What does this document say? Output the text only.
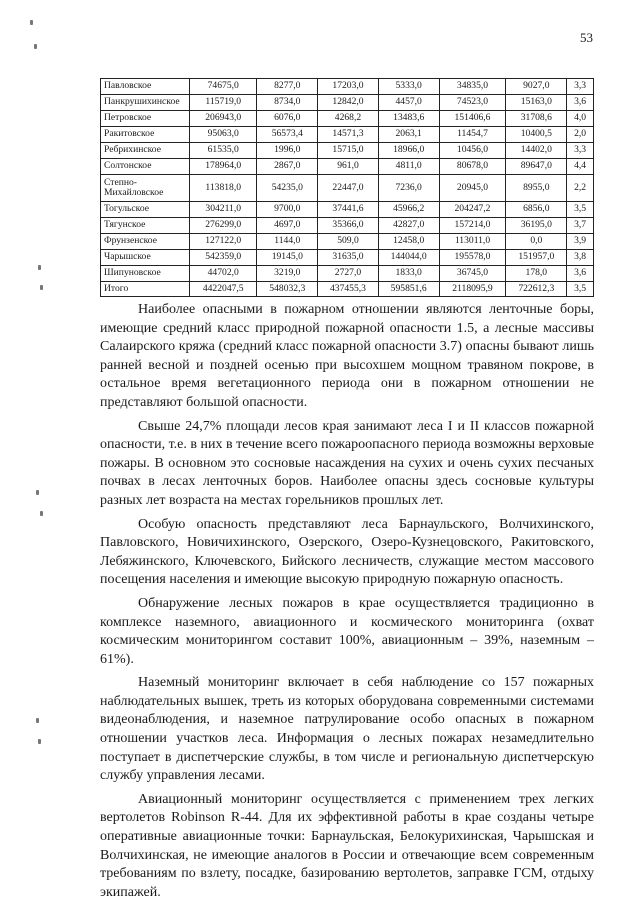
53
Павловское	74675,0	8277,0	17203,0	5333,0	34835,0	9027,0	3,3
Панкрушихинское	115719,0	8734,0	12842,0	4457,0	74523,0	15163,0	3,6
Петровское	206943,0	6076,0	4268,2	13483,6	151406,6	31708,6	4,0
Ракитовское	95063,0	56573,4	14571,3	2063,1	11454,7	10400,5	2,0
Ребрихинское	61535,0	1996,0	15715,0	18966,0	10456,0	14402,0	3,3
Солтонское	178964,0	2867,0	961,0	4811,0	80678,0	89647,0	4,4
Степно-Михайловское	113818,0	54235,0	22447,0	7236,0	20945,0	8955,0	2,2
Тогульское	304211,0	9700,0	37441,6	45966,2	204247,2	6856,0	3,5
Тягунское	276299,0	4697,0	35366,0	42827,0	157214,0	36195,0	3,7
Фрунзенское	127122,0	1144,0	509,0	12458,0	113011,0	0,0	3,9
Чарышское	542359,0	19145,0	31635,0	144044,0	195578,0	151957,0	3,8
Шипуновское	44702,0	3219,0	2727,0	1833,0	36745,0	178,0	3,6
Итого	4422047,5	548032,3	437455,3	595851,6	2118095,9	722612,3	3,5

Наиболее опасными в пожарном отношении являются ленточные боры, имеющие средний класс природной пожарной опасности 1.5, а лесные массивы Салаирского кряжа (средний класс пожарной опасности 3.7) опасны бывают лишь ранней весной и поздней осенью при высохшем мощном травяном покрове, в остальное время вегетационного периода они в пожарном отношении не представляют большой опасности.

Свыше 24,7% площади лесов края занимают леса I и II классов пожарной опасности, т.е. в них в течение всего пожароопасного периода возможны верховые пожары. В основном это сосновые насаждения на сухих и очень сухих песчаных почвах в лесах ленточных боров. Наиболее опасны здесь сосновые культуры разных лет возраста на местах горельников прошлых лет.

Особую опасность представляют леса Барнаульского, Волчихинского, Павловского, Новичихинского, Озерского, Озеро-Кузнецовского, Ракитовского, Лебяжинского, Ключевского, Бийского лесничеств, служащие местом массового посещения населения и имеющие высокую природную пожарную опасность.

Обнаружение лесных пожаров в крае осуществляется традиционно в комплексе наземного, авиационного и космического мониторинга (охват космическим мониторингом составит 100%, авиационным – 39%, наземным – 61%).

Наземный мониторинг включает в себя наблюдение со 157 пожарных наблюдательных вышек, треть из которых оборудована современными системами видеонаблюдения, и наземное патрулирование особо опасных в пожарном отношении участков леса. Информация о лесных пожарах незамедлительно поступает в диспетчерские службы, в том числе и региональную диспетчерскую службу управления лесами.

Авиационный мониторинг осуществляется с применением трех легких вертолетов Robinson R-44. Для их эффективной работы в крае созданы четыре оперативные авиационные точки: Барнаульская, Белокурихинская, Чарышская и Волчихинская, не имеющие аналогов в России и отвечающие всем современным требованиям по взлету, посадке, базированию вертолетов, заправке ГСМ, отдыху экипажей.
